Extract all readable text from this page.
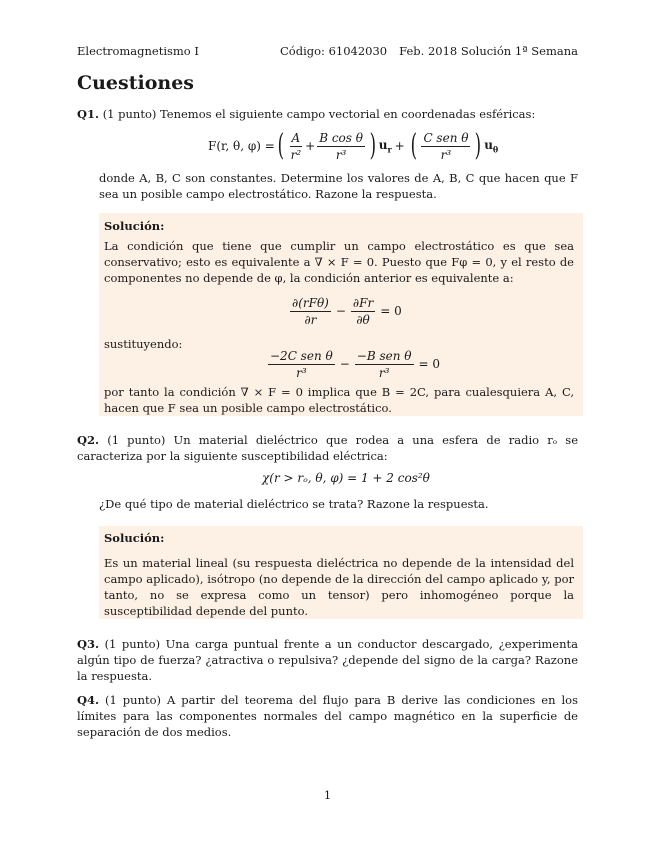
Electromagnetismo I	Código: 61042030 Feb. 2018 Solución 1ª Semana
Cuestiones
Q1. (1 punto) Tenemos el siguiente campo vectorial en coordenadas esféricas:
F(r, θ, φ) = ( $\frac{A}{\text{r²}} + \frac{\text{B cos θ}}{\text{r³}}$ ) $u_r$ + ( $\frac{\text{C sen θ}}{\text{r³}}$ ) $u_\theta$
donde A, B, C son constantes. Determine los valores de A, B, C que hacen que F sea un posible campo electrostático. Razone la respuesta.
Solución:
La condición que tiene que cumplir un campo electrostático es que sea conservativo; esto es equivalente a ∇ × F = 0. Puesto que Fφ = 0, y el resto de componentes no depende de φ, la condición anterior es equivalente a:
$\frac{\text{∂(rFθ)}}{\partial r} - \frac{\partial Fr}{\partial\theta} = 0$
sustituyendo:
$\frac{\text{−2C sen θ}}{\text{r³}} - \frac{\text{−B sen θ}}{\text{r³}} = 0$
por tanto la condición ∇ × F = 0 implica que B = 2C, para cualesquiera A, C, hacen que F sea un posible campo electrostático.
Q2. (1 punto) Un material dieléctrico que rodea a una esfera de radio rₒ se caracteriza por la siguiente susceptibilidad eléctrica:
χ(r > rₒ, θ, φ) = 1 + 2 cos²θ
¿De qué tipo de material dieléctrico se trata? Razone la respuesta.
Solución:
Es un material lineal (su respuesta dieléctrica no depende de la intensidad del campo aplicado), isótropo (no depende de la dirección del campo aplicado y, por tanto, no se expresa como un tensor) pero inhomogéneo porque la susceptibilidad depende del punto.
Q3. (1 punto) Una carga puntual frente a un conductor descargado, ¿experimenta algún tipo de fuerza? ¿atractiva o repulsiva? ¿depende del signo de la carga? Razone la respuesta.
Q4. (1 punto) A partir del teorema del flujo para B derive las condiciones en los límites para las componentes normales del campo magnético en la superficie de separación de dos medios.
1
